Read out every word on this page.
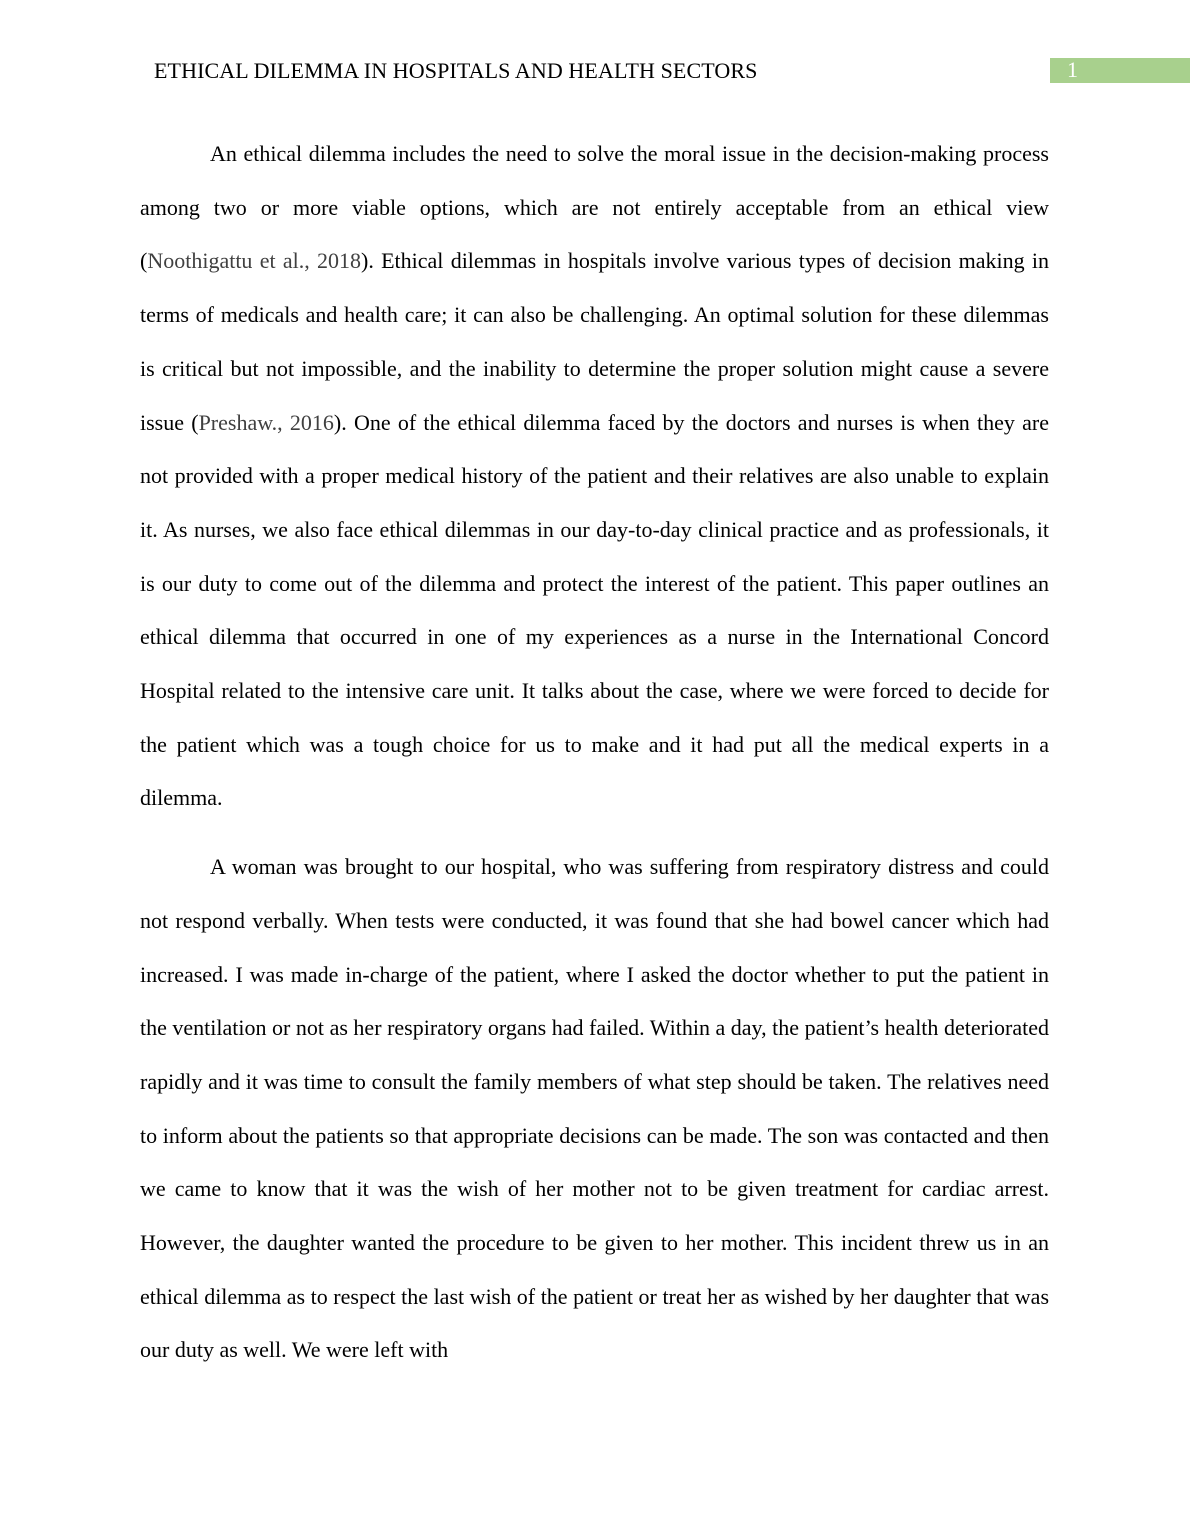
ETHICAL DILEMMA IN HOSPITALS AND HEALTH SECTORS	1

An ethical dilemma includes the need to solve the moral issue in the decision-making process among two or more viable options, which are not entirely acceptable from an ethical view (Noothigattu et al., 2018). Ethical dilemmas in hospitals involve various types of decision making in terms of medicals and health care; it can also be challenging. An optimal solution for these dilemmas is critical but not impossible, and the inability to determine the proper solution might cause a severe issue (Preshaw., 2016). One of the ethical dilemma faced by the doctors and nurses is when they are not provided with a proper medical history of the patient and their relatives are also unable to explain it. As nurses, we also face ethical dilemmas in our day-to-day clinical practice and as professionals, it is our duty to come out of the dilemma and protect the interest of the patient. This paper outlines an ethical dilemma that occurred in one of my experiences as a nurse in the International Concord Hospital related to the intensive care unit. It talks about the case, where we were forced to decide for the patient which was a tough choice for us to make and it had put all the medical experts in a dilemma.

A woman was brought to our hospital, who was suffering from respiratory distress and could not respond verbally. When tests were conducted, it was found that she had bowel cancer which had increased. I was made in-charge of the patient, where I asked the doctor whether to put the patient in the ventilation or not as her respiratory organs had failed. Within a day, the patient’s health deteriorated rapidly and it was time to consult the family members of what step should be taken. The relatives need to inform about the patients so that appropriate decisions can be made. The son was contacted and then we came to know that it was the wish of her mother not to be given treatment for cardiac arrest. However, the daughter wanted the procedure to be given to her mother. This incident threw us in an ethical dilemma as to respect the last wish of the patient or treat her as wished by her daughter that was our duty as well. We were left with
